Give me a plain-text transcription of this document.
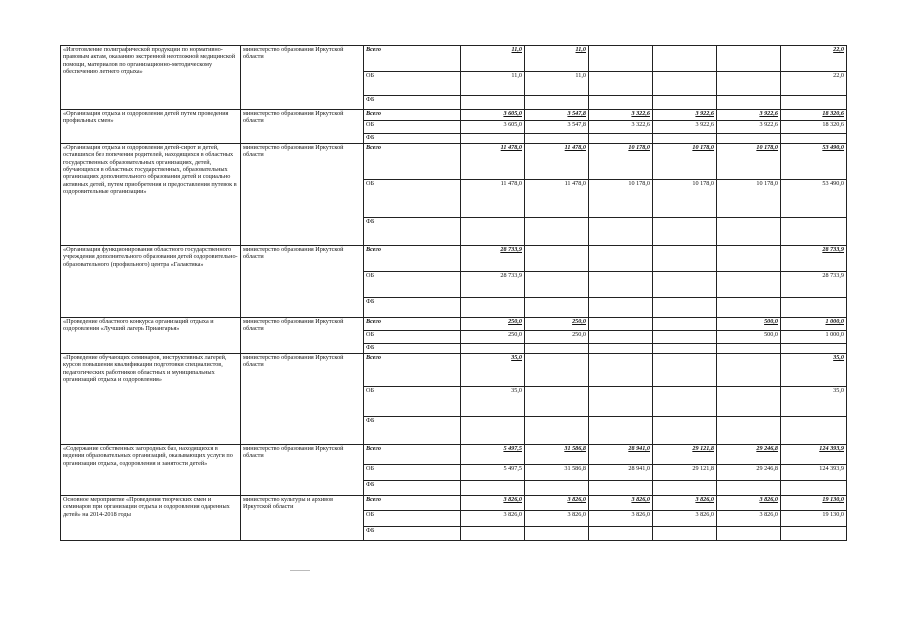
«Изготовление полиграфической продукции по нормативно-правовым актам, оказанию экстренной неотложной медицинской помощи, материалов по организационно-методическому обеспечению летнего отдыха»	министерство образования Иркутской области	Всего	11,0	11,0				22,0
		ОБ	11,0	11,0				22,0
		ФБ						
«Организация отдыха и оздоровления детей путем проведения профильных смен»	министерство образования Иркутской области	Всего	3 605,0	3 547,8	3 322,6	3 922,6	3 922,6	18 320,6
		ОБ	3 605,0	3 547,8	3 322,6	3 922,6	3 922,6	18 320,6
		ФБ						
«Организация отдыха и оздоровления детей-сирот и детей, оставшихся без попечения родителей, находящихся в областных государственных образовательных организациях, детей, обучающихся в областных государственных, образовательных организациях дополнительного образования детей и социально активных детей, путем приобретения и предоставления путевок в оздоровительные организации»	министерство образования Иркутской области	Всего	11 478,0	11 478,0	10 178,0	10 178,0	10 178,0	53 490,0
		ОБ	11 478,0	11 478,0	10 178,0	10 178,0	10 178,0	53 490,0
		ФБ						
«Организация функционирования областного государственного учреждения дополнительного образования детей оздоровительно-образовательного (профильного) центра «Галактика»	министерство образования Иркутской области	Всего	28 733,9					28 733,9
		ОБ	28 733,9					28 733,9
		ФБ						
«Проведение областного конкурса организаций отдыха и оздоровления «Лучший лагерь Приангарья»	министерство образования Иркутской области	Всего	250,0	250,0			500,0	1 000,0
		ОБ	250,0	250,0			500,0	1 000,0
		ФБ						
«Проведение обучающих семинаров, инструктивных лагерей, курсов повышения квалификации подготовки специалистов, педагогических работников областных и муниципальных организаций отдыха и оздоровления»	министерство образования Иркутской области	Всего	35,0					35,0
		ОБ	35,0					35,0
		ФБ						
«Содержание собственных загородных баз, находящихся в ведении образовательных организаций, оказывающих услуги по организации отдыха, оздоровления и занятости детей»	министерство образования Иркутской области	Всего	5 497,5	31 586,8	28 941,0	29 121,8	29 246,8	124 393,9
		ОБ	5 497,5	31 586,8	28 941,0	29 121,8	29 246,8	124 393,9
		ФБ						
Основное мероприятие «Проведения творческих смен и семинаров при организации отдыха и оздоровления одаренных детей» на 2014-2018 годы	министерство культуры и архивов Иркутской области	Всего	3 826,0	3 826,0	3 826,0	3 826,0	3 826,0	19 130,0
		ОБ	3 826,0	3 826,0	3 826,0	3 826,0	3 826,0	19 130,0
		ФБ						
